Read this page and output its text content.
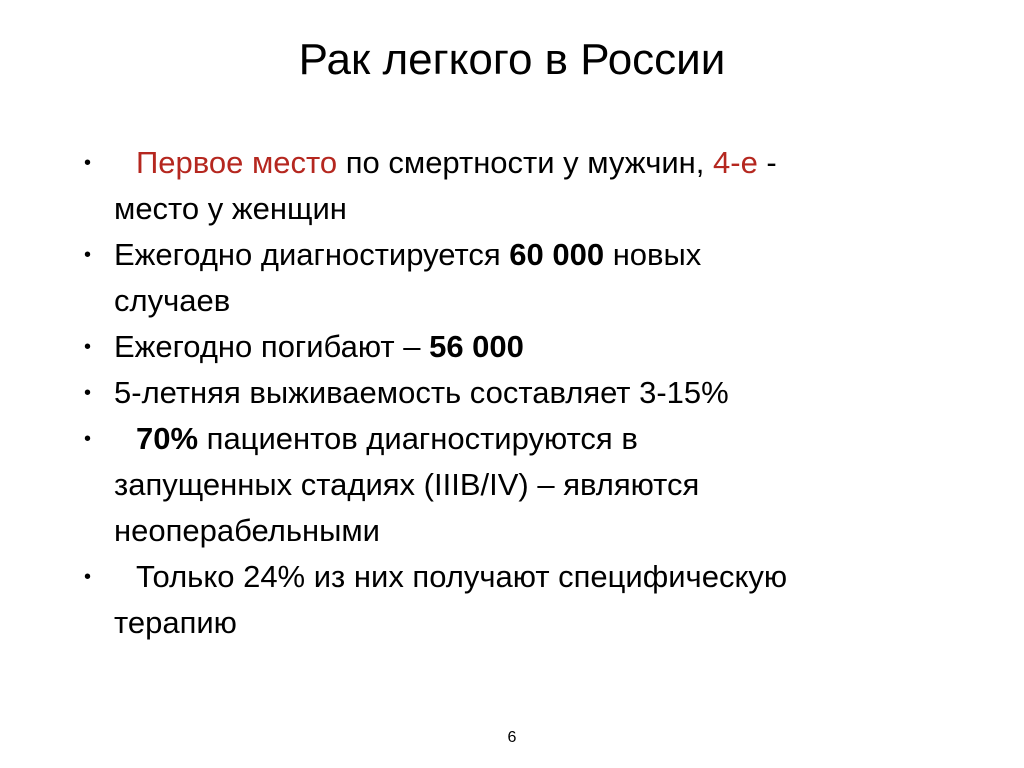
Рак легкого в России
•	Первое место по смертности у мужчин, 4-е -
место у женщин
• Ежегодно диагностируется 60 000 новых
случаев
• Ежегодно погибают – 56 000
• 5-летняя выживаемость составляет 3-15%
•	70% пациентов диагностируются в
запущенных стадиях (IIIB/IV) – являются
неоперабельными
•	Только 24% из них получают специфическую
терапию
6
